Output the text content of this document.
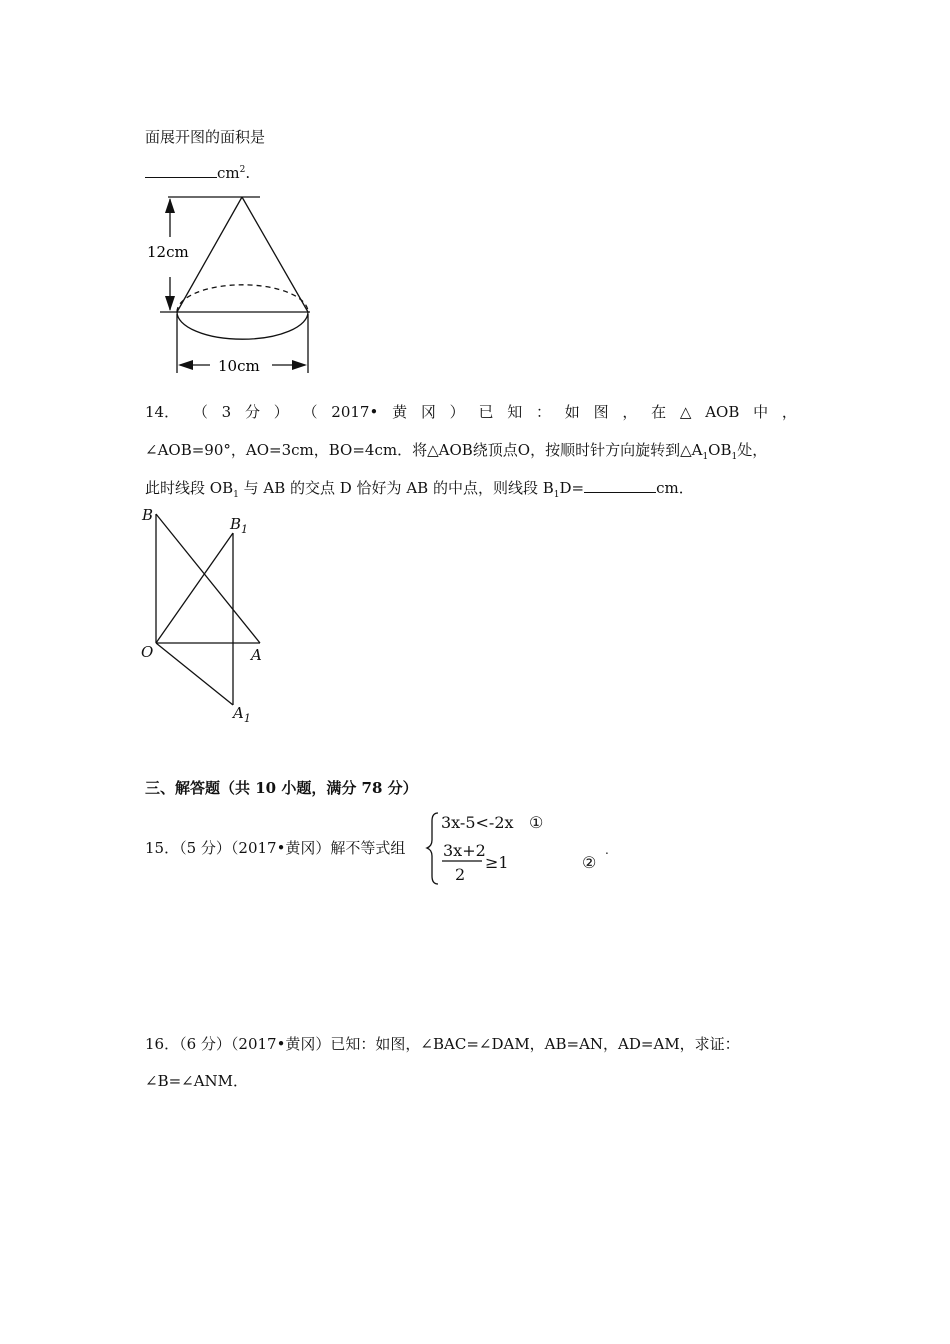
面展开图的面积是
$cm^2$.
12cm
10cm
14． （ 3 分 ） （ 2017• 黄 冈 ） 已 知 ： 如 图 ， 在 △ AOB 中 ，
∠AOB=90°，AO=3cm，BO=4cm．将△AOB绕顶点O，按顺时针方向旋转到$\triangle A_1OB_1$处，
此时线段 $OB_1$ 与 AB 的交点 D 恰好为 AB 的中点，则线段 $B_1D=$	cm．
B	$B_1$
O	A
$A_1$
三、解答题（共 10 小题，满分 78 分）
15．（5 分）（2017•黄冈）解不等式组
3x-5<-2x ①
3x+2
2
≥1	②
.
16．（6 分）（2017•黄冈）已知：如图，∠BAC=∠DAM，AB=AN，AD=AM，求证：
∠B=∠ANM．
